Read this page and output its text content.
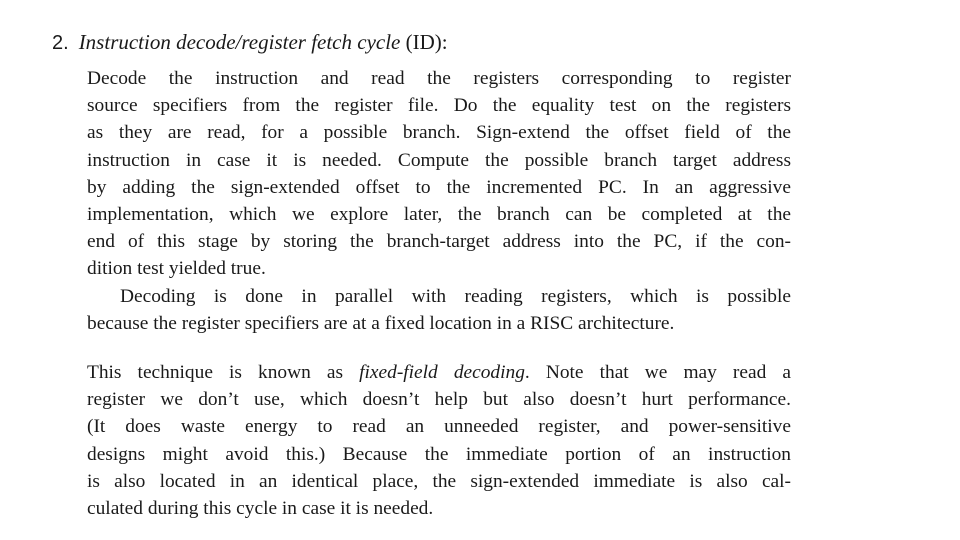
2. Instruction decode/register fetch cycle (ID):
Decode the instruction and read the registers corresponding to register
source specifiers from the register file. Do the equality test on the registers
as they are read, for a possible branch. Sign-extend the offset field of the
instruction in case it is needed. Compute the possible branch target address
by adding the sign-extended offset to the incremented PC. In an aggressive
implementation, which we explore later, the branch can be completed at the
end of this stage by storing the branch-target address into the PC, if the con-
dition test yielded true.
Decoding is done in parallel with reading registers, which is possible
because the register specifiers are at a fixed location in a RISC architecture.
This technique is known as fixed-field decoding. Note that we may read a
register we don’t use, which doesn’t help but also doesn’t hurt performance.
(It does waste energy to read an unneeded register, and power-sensitive
designs might avoid this.) Because the immediate portion of an instruction
is also located in an identical place, the sign-extended immediate is also cal-
culated during this cycle in case it is needed.
